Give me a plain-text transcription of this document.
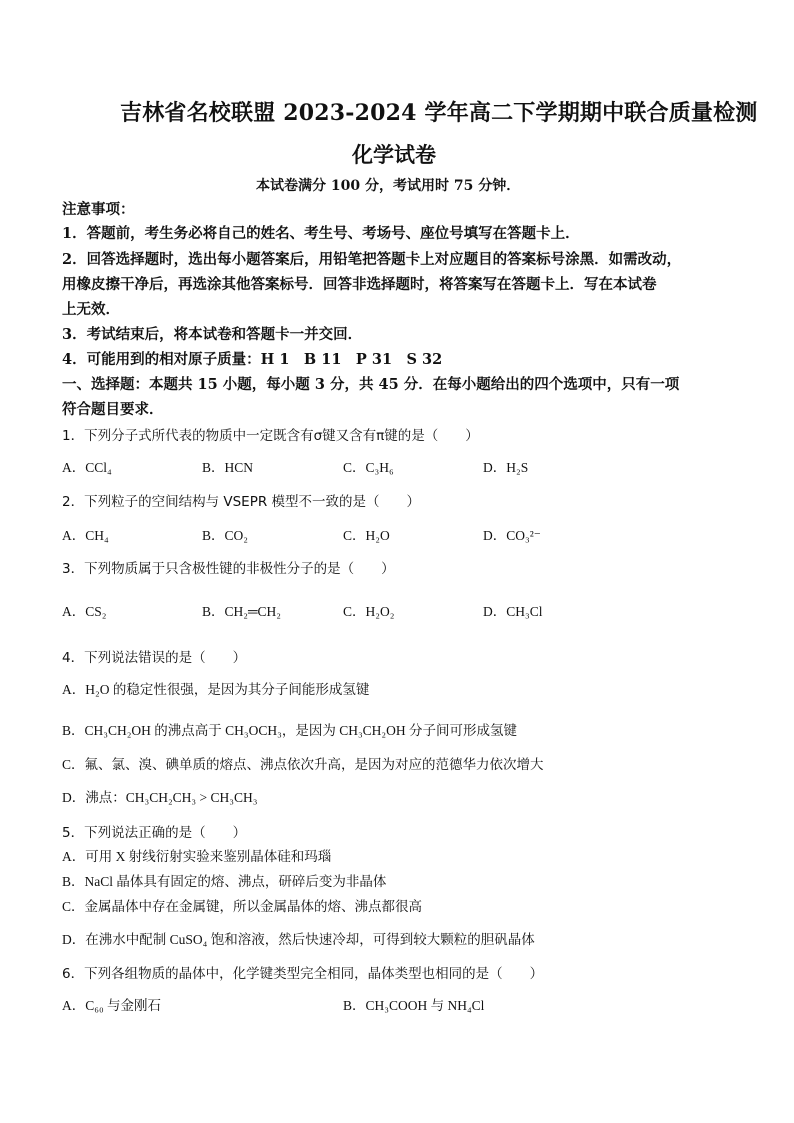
吉林省名校联盟 2023-2024 学年高二下学期期中联合质量检测
化学试卷
本试卷满分 100 分，考试用时 75 分钟．
注意事项：
1．答题前，考生务必将自己的姓名、考生号、考场号、座位号填写在答题卡上．
2．回答选择题时，选出每小题答案后，用铅笔把答题卡上对应题目的答案标号涂黑．如需改动，
用橡皮擦干净后，再选涂其他答案标号．回答非选择题时，将答案写在答题卡上．写在本试卷
上无效．
3．考试结束后，将本试卷和答题卡一并交回．
4．可能用到的相对原子质量：H 1　B 11　P 31　S 32
一、选择题：本题共 15 小题，每小题 3 分，共 45 分．在每小题给出的四个选项中，只有一项
符合题目要求．
1．下列分子式所代表的物质中一定既含有σ键又含有π键的是（　　）
A．CCl₄	B．HCN	C．C₃H₆	D．H₂S
2．下列粒子的空间结构与 VSEPR 模型不一致的是（　　）
A．CH₄	B．CO₂	C．H₂O	D．CO₃²⁻
3．下列物质属于只含极性键的非极性分子的是（　　）
A．CS₂	B．CH₂═CH₂	C．H₂O₂	D．CH₃Cl
4．下列说法错误的是（　　）
A．H₂O 的稳定性很强，是因为其分子间能形成氢键
B．CH₃CH₂OH 的沸点高于 CH₃OCH₃，是因为 CH₃CH₂OH 分子间可形成氢键
C．氟、氯、溴、碘单质的熔点、沸点依次升高，是因为对应的范德华力依次增大
D．沸点：CH₃CH₂CH₃ > CH₃CH₃
5．下列说法正确的是（　　）
A．可用 X 射线衍射实验来鉴别晶体硅和玛瑙
B．NaCl 晶体具有固定的熔、沸点，研碎后变为非晶体
C．金属晶体中存在金属键，所以金属晶体的熔、沸点都很高
D．在沸水中配制 CuSO₄ 饱和溶液，然后快速冷却，可得到较大颗粒的胆矾晶体
6．下列各组物质的晶体中，化学键类型完全相同，晶体类型也相同的是（　　）
A．C₆₀ 与金刚石	B．CH₃COOH 与 NH₄Cl
